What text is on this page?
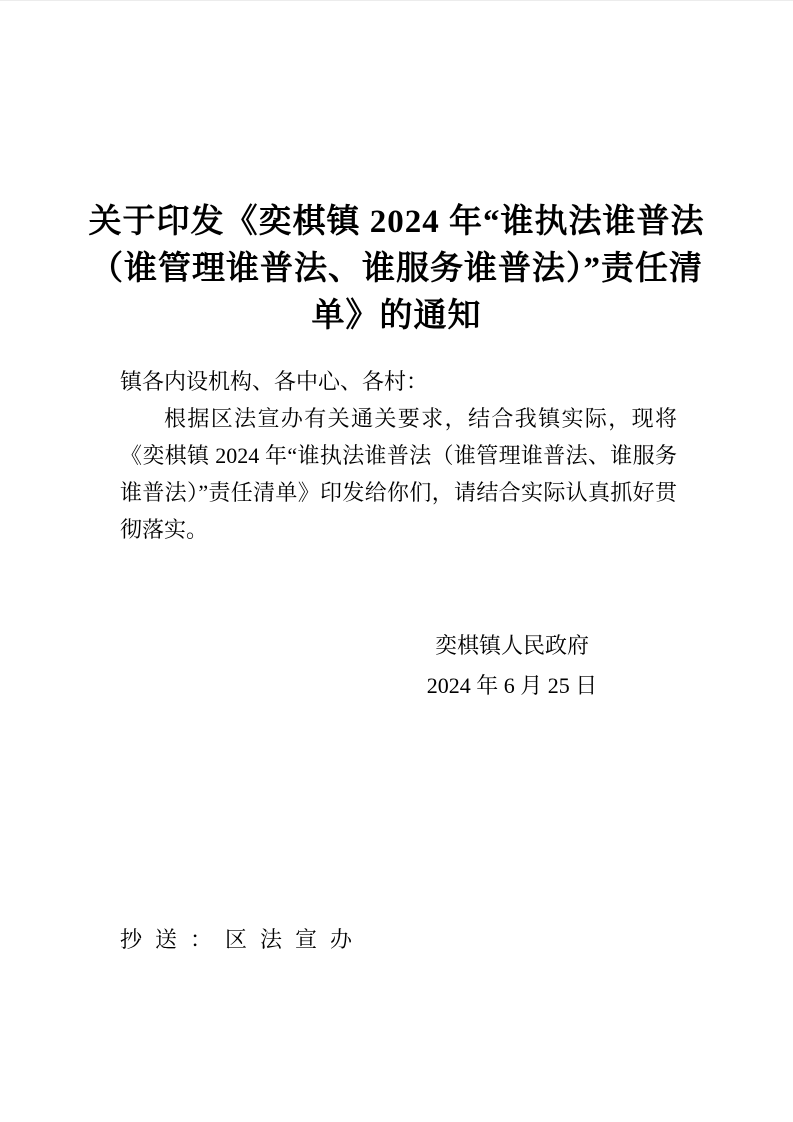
关于印发《奕棋镇 2024 年“谁执法谁普法
（谁管理谁普法、谁服务谁普法）”责任清
单》的通知
镇各内设机构、各中心、各村：

根据区法宣办有关通关要求，结合我镇实际，现将《奕棋镇 2024 年“谁执法谁普法（谁管理谁普法、谁服务谁普法）”责任清单》印发给你们，请结合实际认真抓好贯彻落实。

奕棋镇人民政府
2024 年 6 月 25 日
抄送：区法宣办
